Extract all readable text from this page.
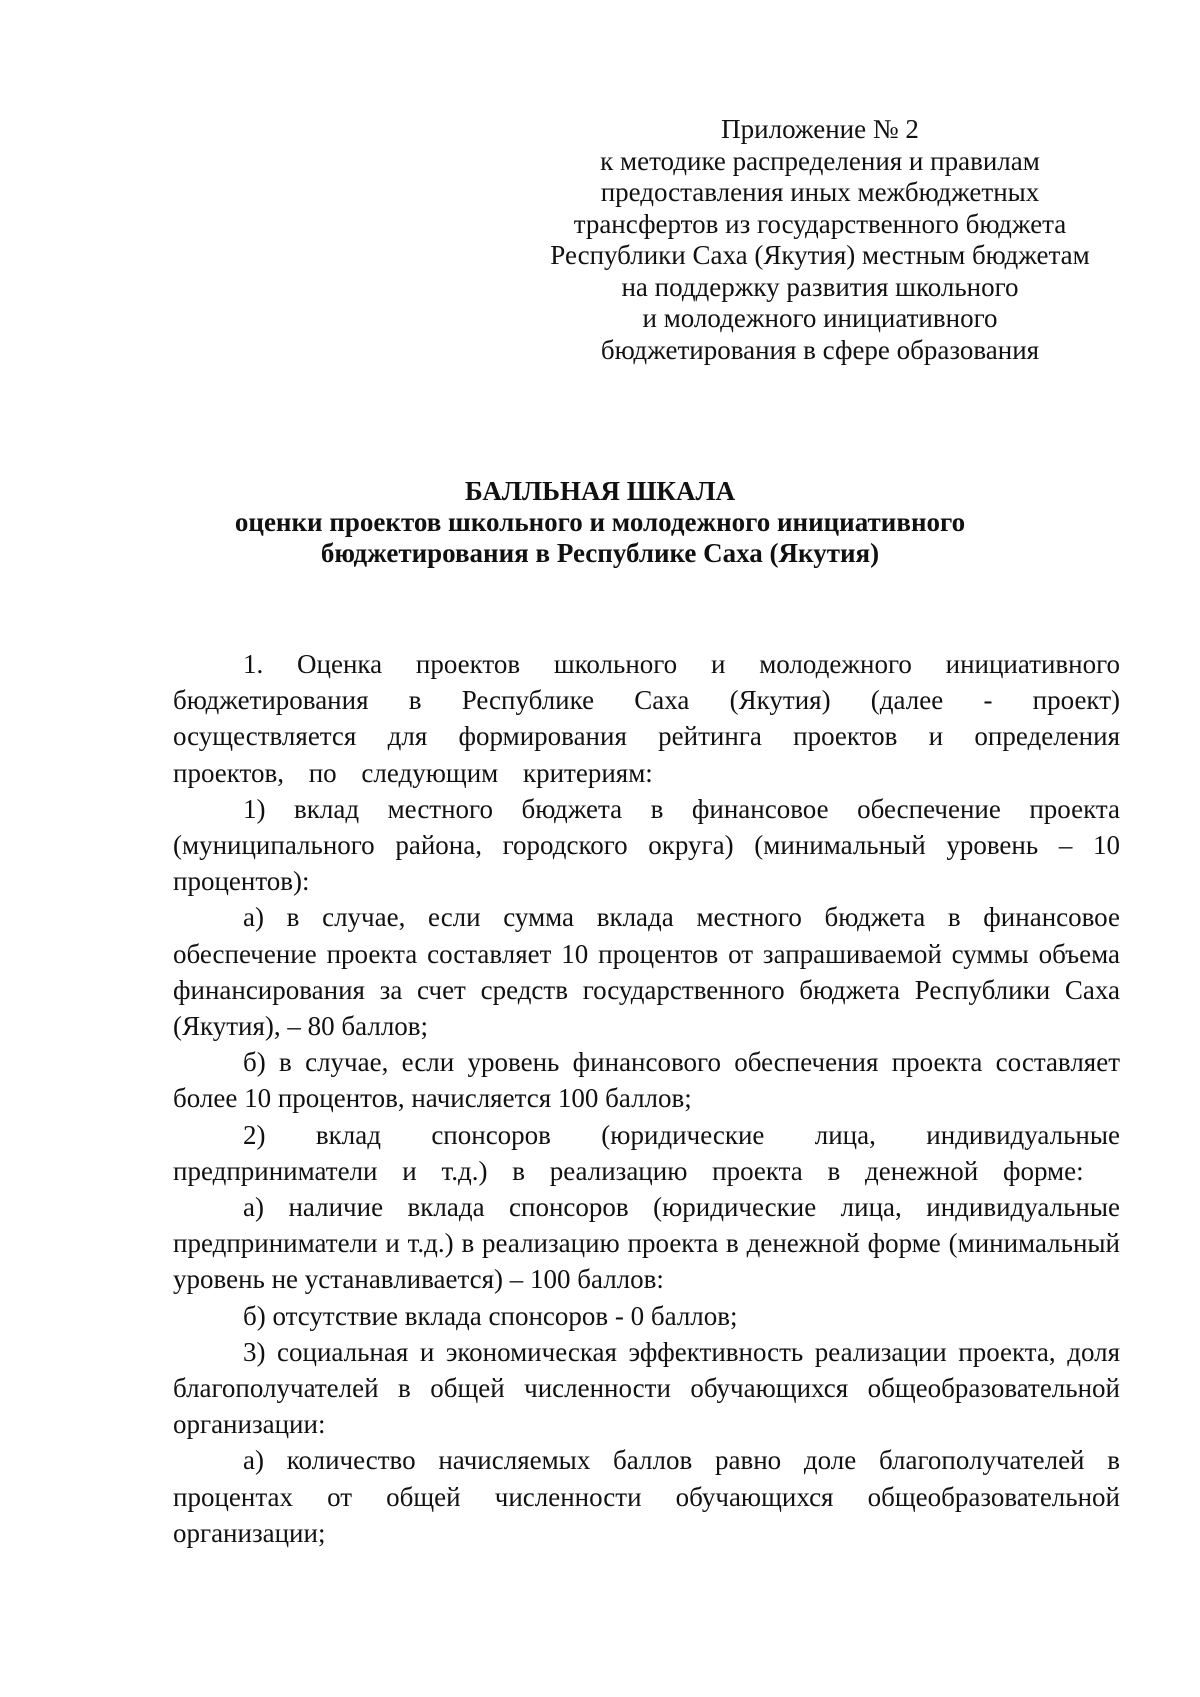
Приложение № 2
к методике распределения и правилам
предоставления иных межбюджетных
трансфертов из государственного бюджета
Республики Саха (Якутия) местным бюджетам
на поддержку развития школьного
и молодежного инициативного
бюджетирования в сфере образования
БАЛЛЬНАЯ ШКАЛА
оценки проектов школьного и молодежного инициативного
бюджетирования в Республике Саха (Якутия)

1. Оценка проектов школьного и молодежного инициативного бюджетирования в Республике Саха (Якутия) (далее - проект) осуществляется для формирования рейтинга проектов и определения проектов, по следующим критериям:

1) вклад местного бюджета в финансовое обеспечение проекта (муниципального района, городского округа) (минимальный уровень – 10 процентов):

а) в случае, если сумма вклада местного бюджета в финансовое обеспечение проекта составляет 10 процентов от запрашиваемой суммы объема финансирования за счет средств государственного бюджета Республики Саха (Якутия), – 80 баллов;

б) в случае, если уровень финансового обеспечения проекта составляет более 10 процентов, начисляется 100 баллов;

2) вклад спонсоров (юридические лица, индивидуальные предприниматели и т.д.) в реализацию проекта в денежной форме:

а) наличие вклада спонсоров (юридические лица, индивидуальные предприниматели и т.д.) в реализацию проекта в денежной форме (минимальный уровень не устанавливается) – 100 баллов:

б) отсутствие вклада спонсоров - 0 баллов;

3) социальная и экономическая эффективность реализации проекта, доля благополучателей в общей численности обучающихся общеобразовательной организации:

а) количество начисляемых баллов равно доле благополучателей в процентах от общей численности обучающихся общеобразовательной организации;
